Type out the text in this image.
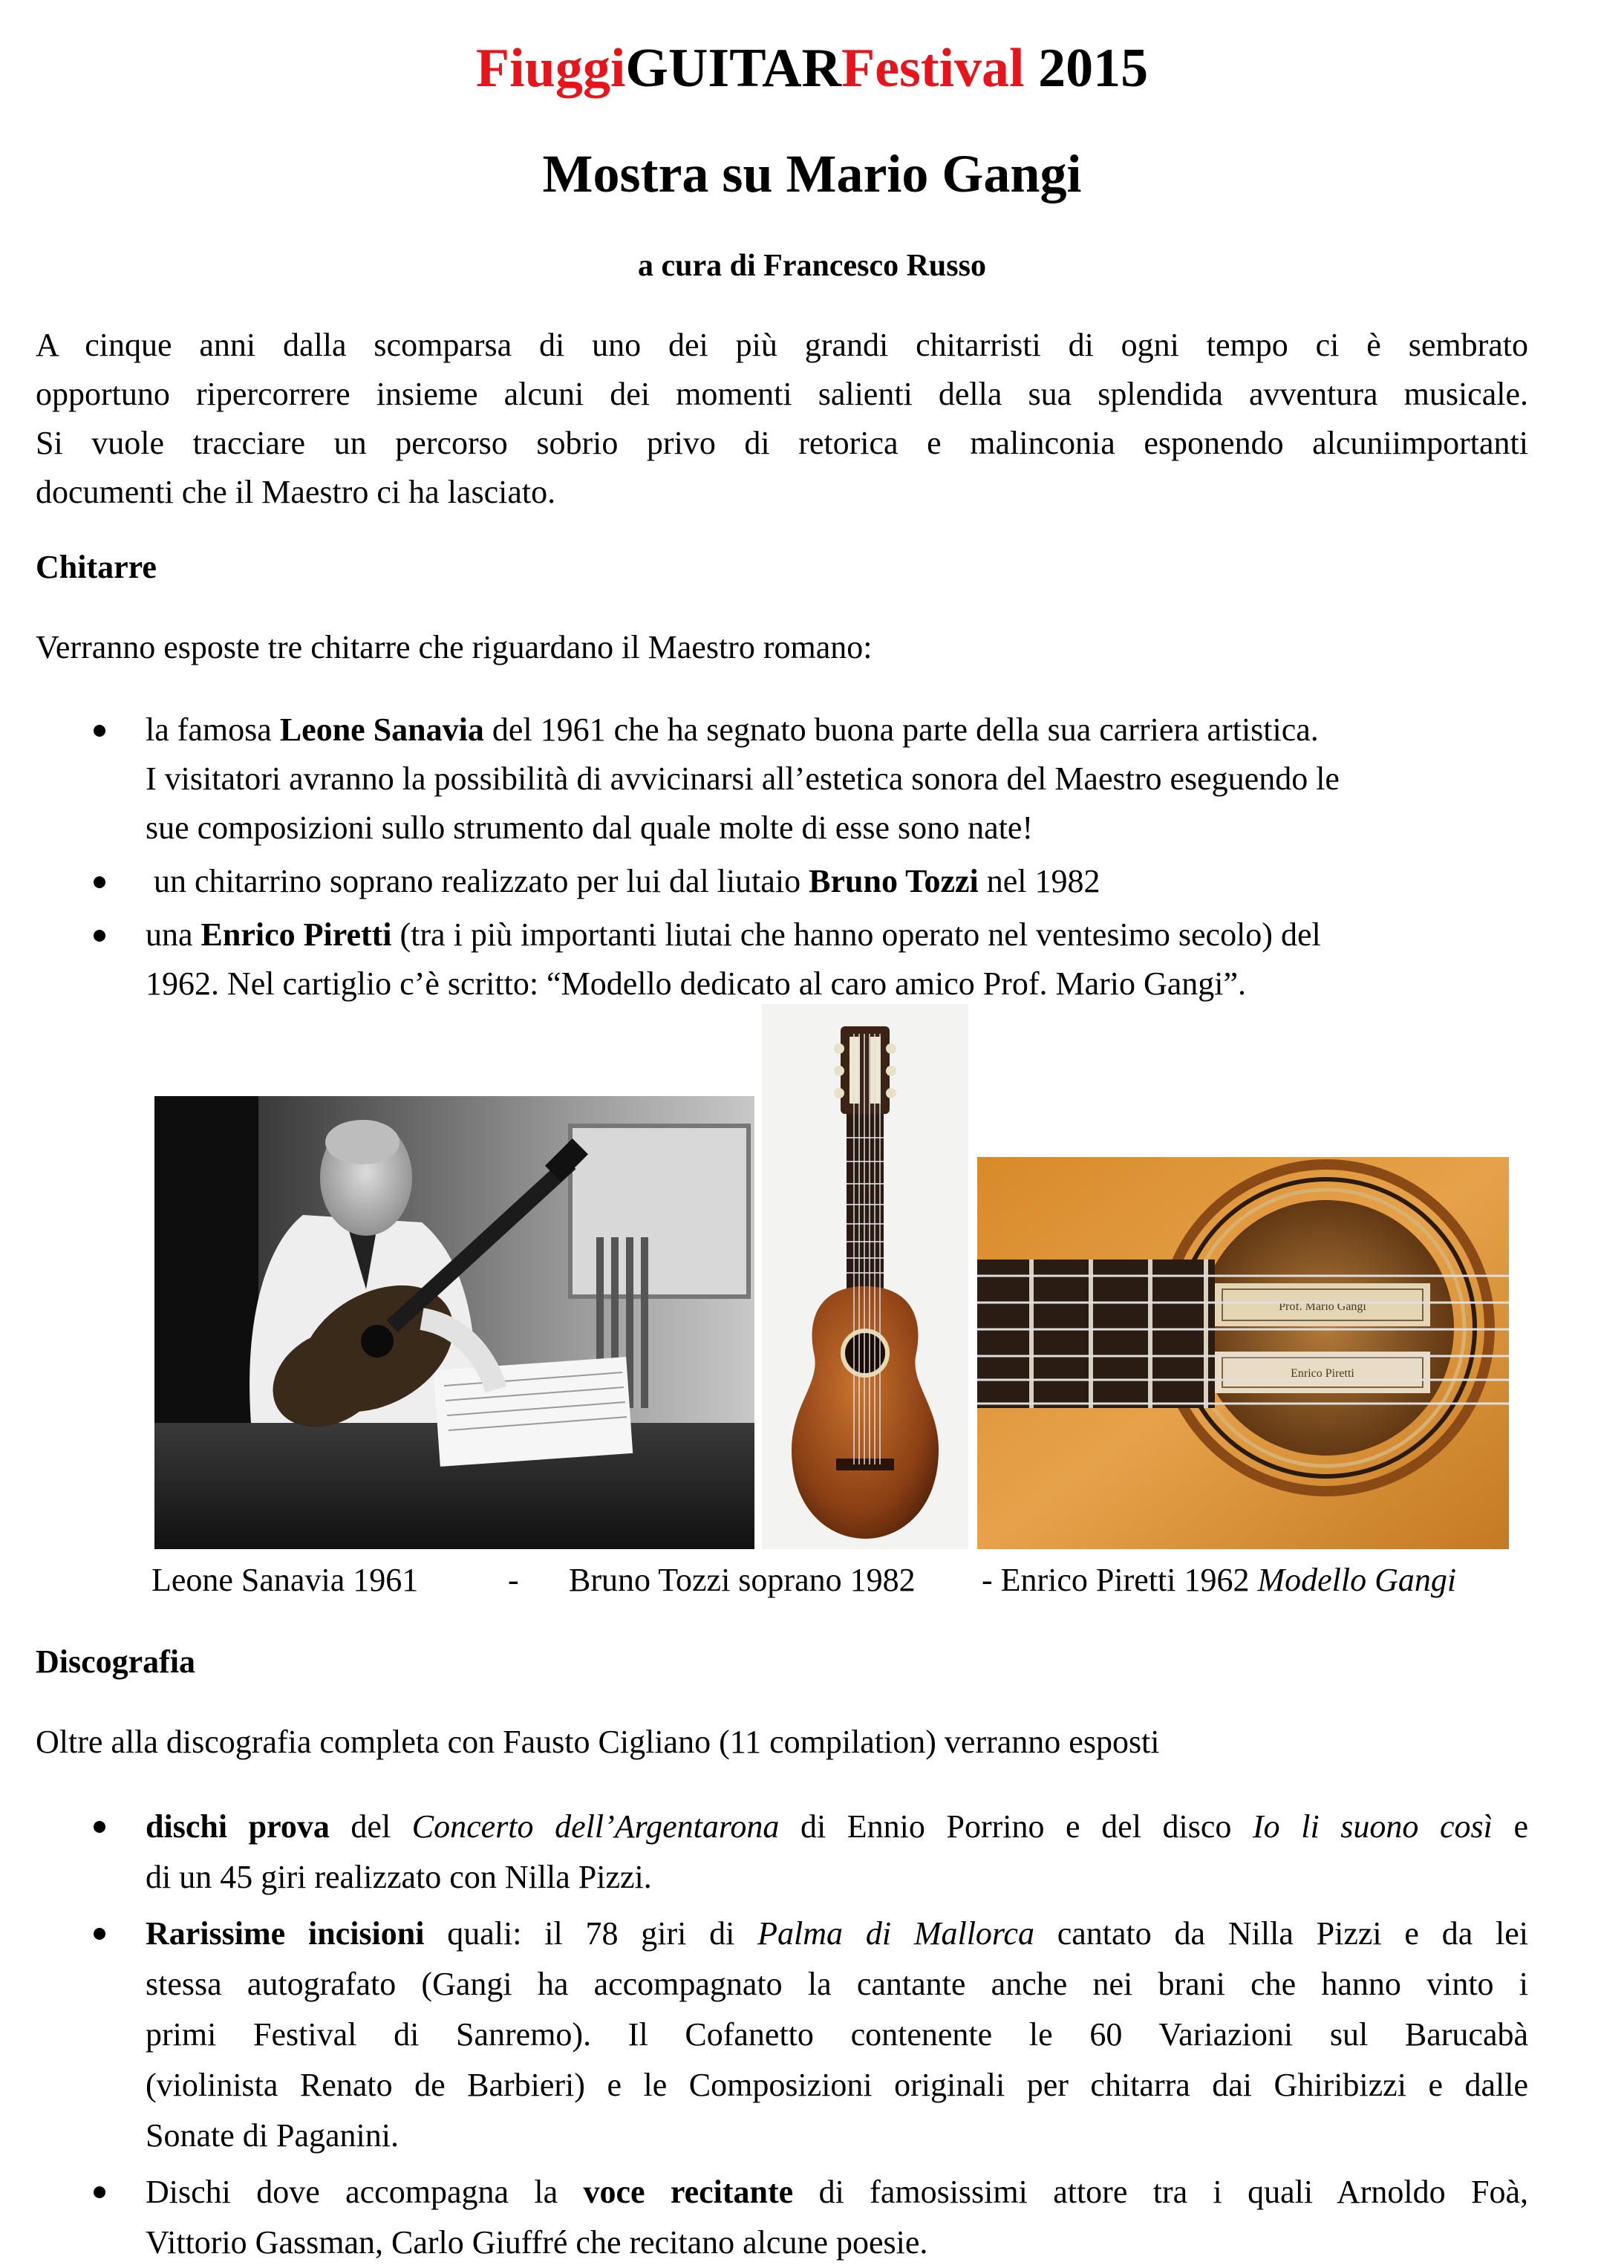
FiuggiGUITARFestival 2015
Mostra su Mario Gangi
a cura di Francesco Russo
A cinque anni dalla scomparsa di uno dei più grandi chitarristi di ogni tempo ci è sembrato
opportuno ripercorrere insieme alcuni dei momenti salienti della sua splendida avventura musicale.
Si vuole tracciare un percorso sobrio privo di retorica e malinconia esponendo alcuniimportanti
documenti che il Maestro ci ha lasciato.
Chitarre
Verranno esposte tre chitarre che riguardano il Maestro romano:
la famosa Leone Sanavia del 1961 che ha segnato buona parte della sua carriera artistica.
I visitatori avranno la possibilità di avvicinarsi all’estetica sonora del Maestro eseguendo le
sue composizioni sullo strumento dal quale molte di esse sono nate!
un chitarrino soprano realizzato per lui dal liutaio Bruno Tozzi nel 1982
una Enrico Piretti (tra i più importanti liutai che hanno operato nel ventesimo secolo) del
1962. Nel cartiglio c’è scritto: “Modello dedicato al caro amico Prof. Mario Gangi”.
Prof. Mario Gangi
Enrico Piretti
Leone Sanavia 1961	- Bruno Tozzi soprano 1982 - Enrico Piretti 1962 Modello Gangi
Discografia
Oltre alla discografia completa con Fausto Cigliano (11 compilation) verranno esposti
dischi prova del Concerto dell’Argentarona di Ennio Porrino e del disco Io li suono così e
di un 45 giri realizzato con Nilla Pizzi.
Rarissime incisioni quali: il 78 giri di Palma di Mallorca cantato da Nilla Pizzi e da lei
stessa autografato (Gangi ha accompagnato la cantante anche nei brani che hanno vinto i
primi Festival di Sanremo). Il Cofanetto contenente le 60 Variazioni sul Barucabà
(violinista Renato de Barbieri) e le Composizioni originali per chitarra dai Ghiribizzi e dalle
Sonate di Paganini.
Dischi dove accompagna la voce recitante di famosissimi attore tra i quali Arnoldo Foà,
Vittorio Gassman, Carlo Giuffré che recitano alcune poesie.
